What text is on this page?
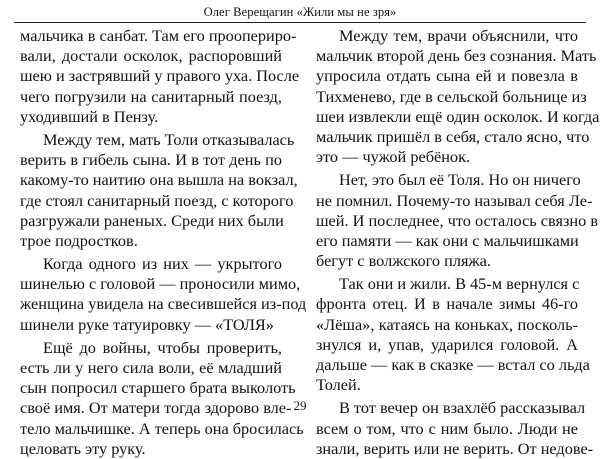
Олег Верещагин «Жили мы не зря»
мальчика в санбат. Там его прооперирo-
вали, достали осколок, распоровший
шею и застрявший у правого уха. После
чего погрузили на санитарный поезд,
уходивший в Пензу.
Между тем, мать Толи отказывалась
верить в гибель сына. И в тот день по
какому-то наитию она вышла на вокзал,
где стоял санитарный поезд, с которого
разгружали раненых. Среди них были
трое подростков.
Когда одного из них — укрытого
шинелью с головой — проносили мимо,
женщина увидела на свесившейся из-под
шинели руке татуировку — «ТОЛЯ»
Ещё до войны, чтобы проверить,
есть ли у него сила воли, её младший
сын попросил старшего брата выколоть
своё имя. От матери тогда здорово вле-
тело мальчишке. А теперь она бросилась
целовать эту руку.
Между тем, врачи объяснили, что
мальчик второй день без сознания. Мать
упросила отдать сына ей и повезла в
Тихменево, где в сельской больнице из
шеи извлекли ещё один осколок. И когда
мальчик пришёл в себя, стало ясно, что
это — чужой ребёнок.
Нет, это был её Толя. Но он ничего
не помнил. Почему-то называл себя Ле-
шей. И последнее, что осталось связно в
его памяти — как они с мальчишками
бегут с волжского пляжа.
Так они и жили. В 45-м вернулся с
фронта отец. И в начале зимы 46-го
«Лёша», катаясь на коньках, посколь-
знулся и, упав, ударился головой. А
дальше — как в сказке — встал со льда
Толей.
В тот вечер он взахлёб рассказывал
всем о том, что с ним было. Люди не
знали, верить или не верить. От недове-
29
